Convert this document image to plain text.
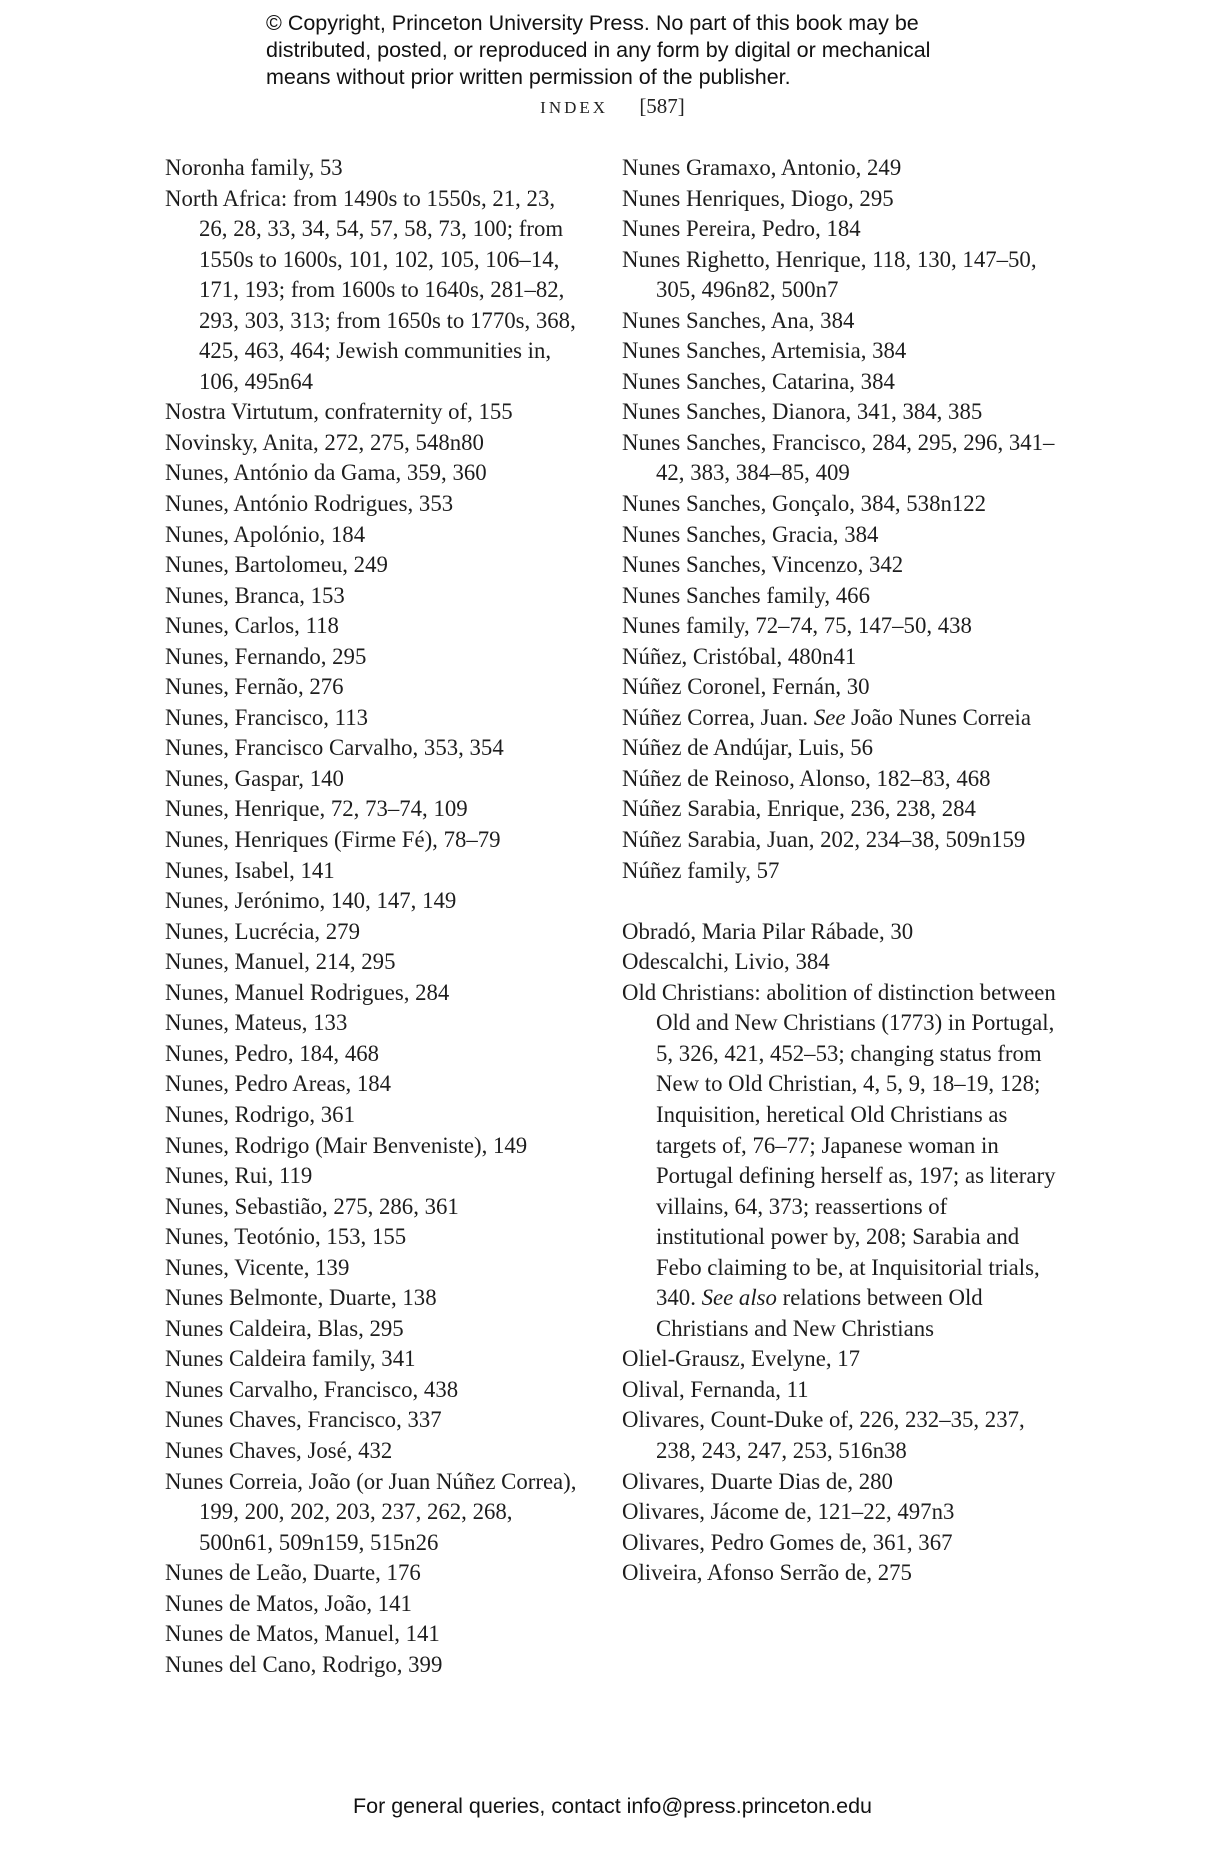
© Copyright, Princeton University Press. No part of this book may be
distributed, posted, or reproduced in any form by digital or mechanical
means without prior written permission of the publisher.
INDEX [587]
Noronha family, 53
North Africa: from 1490s to 1550s, 21, 23, 26, 28, 33, 34, 54, 57, 58, 73, 100; from 1550s to 1600s, 101, 102, 105, 106–14, 171, 193; from 1600s to 1640s, 281–82, 293, 303, 313; from 1650s to 1770s, 368, 425, 463, 464; Jewish communities in, 106, 495n64
Nostra Virtutum, confraternity of, 155
Novinsky, Anita, 272, 275, 548n80
Nunes, António da Gama, 359, 360
Nunes, António Rodrigues, 353
Nunes, Apolónio, 184
Nunes, Bartolomeu, 249
Nunes, Branca, 153
Nunes, Carlos, 118
Nunes, Fernando, 295
Nunes, Fernão, 276
Nunes, Francisco, 113
Nunes, Francisco Carvalho, 353, 354
Nunes, Gaspar, 140
Nunes, Henrique, 72, 73–74, 109
Nunes, Henriques (Firme Fé), 78–79
Nunes, Isabel, 141
Nunes, Jerónimo, 140, 147, 149
Nunes, Lucrécia, 279
Nunes, Manuel, 214, 295
Nunes, Manuel Rodrigues, 284
Nunes, Mateus, 133
Nunes, Pedro, 184, 468
Nunes, Pedro Areas, 184
Nunes, Rodrigo, 361
Nunes, Rodrigo (Mair Benveniste), 149
Nunes, Rui, 119
Nunes, Sebastião, 275, 286, 361
Nunes, Teotónio, 153, 155
Nunes, Vicente, 139
Nunes Belmonte, Duarte, 138
Nunes Caldeira, Blas, 295
Nunes Caldeira family, 341
Nunes Carvalho, Francisco, 438
Nunes Chaves, Francisco, 337
Nunes Chaves, José, 432
Nunes Correia, João (or Juan Núñez Correa), 199, 200, 202, 203, 237, 262, 268, 500n61, 509n159, 515n26
Nunes de Leão, Duarte, 176
Nunes de Matos, João, 141
Nunes de Matos, Manuel, 141
Nunes del Cano, Rodrigo, 399
Nunes Gramaxo, Antonio, 249
Nunes Henriques, Diogo, 295
Nunes Pereira, Pedro, 184
Nunes Righetto, Henrique, 118, 130, 147–50, 305, 496n82, 500n7
Nunes Sanches, Ana, 384
Nunes Sanches, Artemisia, 384
Nunes Sanches, Catarina, 384
Nunes Sanches, Dianora, 341, 384, 385
Nunes Sanches, Francisco, 284, 295, 296, 341–42, 383, 384–85, 409
Nunes Sanches, Gonçalo, 384, 538n122
Nunes Sanches, Gracia, 384
Nunes Sanches, Vincenzo, 342
Nunes Sanches family, 466
Nunes family, 72–74, 75, 147–50, 438
Núñez, Cristóbal, 480n41
Núñez Coronel, Fernán, 30
Núñez Correa, Juan. See João Nunes Correia
Núñez de Andújar, Luis, 56
Núñez de Reinoso, Alonso, 182–83, 468
Núñez Sarabia, Enrique, 236, 238, 284
Núñez Sarabia, Juan, 202, 234–38, 509n159
Núñez family, 57
Obradó, Maria Pilar Rábade, 30
Odescalchi, Livio, 384
Old Christians: abolition of distinction between Old and New Christians (1773) in Portugal, 5, 326, 421, 452–53; changing status from New to Old Christian, 4, 5, 9, 18–19, 128; Inquisition, heretical Old Christians as targets of, 76–77; Japanese woman in Portugal defining herself as, 197; as literary villains, 64, 373; reassertions of institutional power by, 208; Sarabia and Febo claiming to be, at Inquisitorial trials, 340. See also relations between Old Christians and New Christians
Oliel-Grausz, Evelyne, 17
Olival, Fernanda, 11
Olivares, Count-Duke of, 226, 232–35, 237, 238, 243, 247, 253, 516n38
Olivares, Duarte Dias de, 280
Olivares, Jácome de, 121–22, 497n3
Olivares, Pedro Gomes de, 361, 367
Oliveira, Afonso Serrão de, 275
For general queries, contact info@press.princeton.edu
